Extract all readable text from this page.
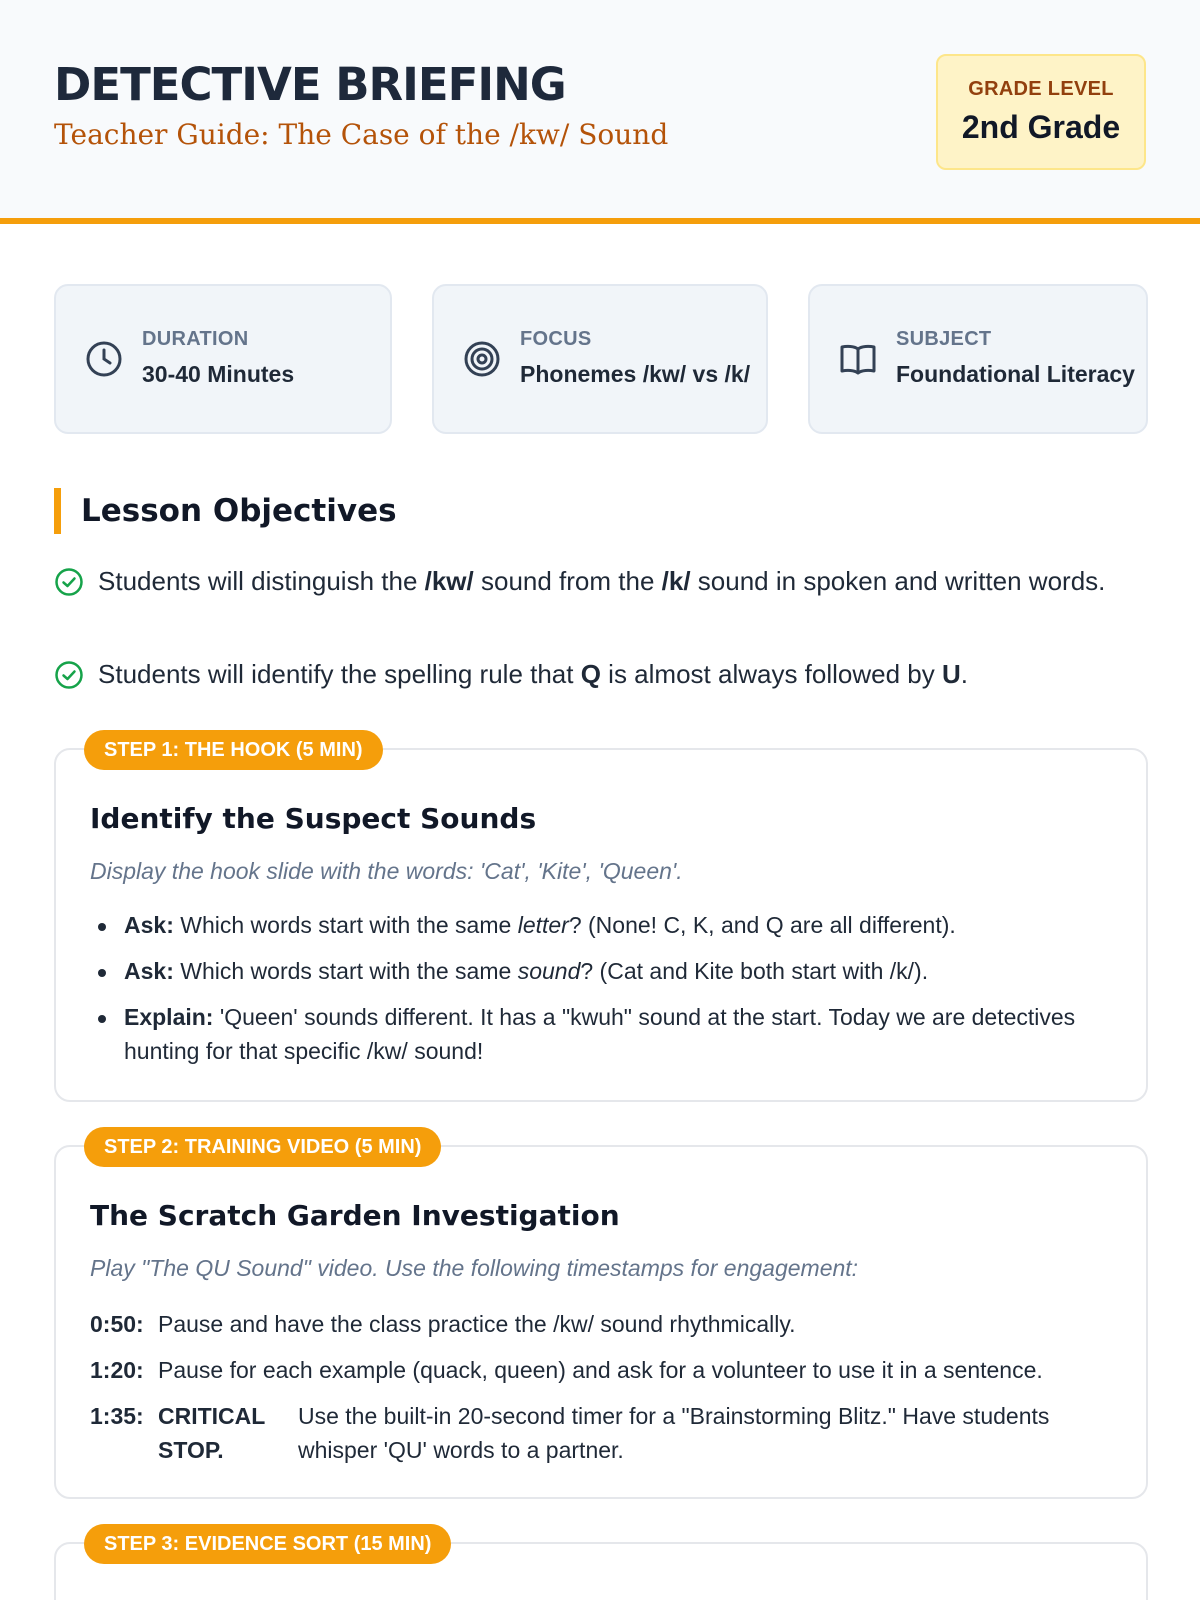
DETECTIVE BRIEFING
Teacher Guide: The Case of the /kw/ Sound
GRADE LEVEL
2nd Grade
DURATION
30-40 Minutes
FOCUS
Phonemes /kw/ vs /k/
SUBJECT
Foundational Literacy
Lesson Objectives
Students will distinguish the /kw/ sound from the /k/ sound in spoken and written words.
Students will identify the spelling rule that Q is almost always followed by U.
STEP 1: THE HOOK (5 MIN)
Identify the Suspect Sounds
Display the hook slide with the words: 'Cat', 'Kite', 'Queen'.
Ask: Which words start with the same letter? (None! C, K, and Q are all different).
Ask: Which words start with the same sound? (Cat and Kite both start with /k/).
Explain: 'Queen' sounds different. It has a "kwuh" sound at the start. Today we are detectives hunting for that specific /kw/ sound!
STEP 2: TRAINING VIDEO (5 MIN)
The Scratch Garden Investigation
Play "The QU Sound" video. Use the following timestamps for engagement:
0:50: Pause and have the class practice the /kw/ sound rhythmically.
1:20: Pause for each example (quack, queen) and ask for a volunteer to use it in a sentence.
1:35: CRITICAL STOP.
Use the built-in 20-second timer for a "Brainstorming Blitz." Have students whisper 'QU' words to a partner.
STEP 3: EVIDENCE SORT (15 MIN)
